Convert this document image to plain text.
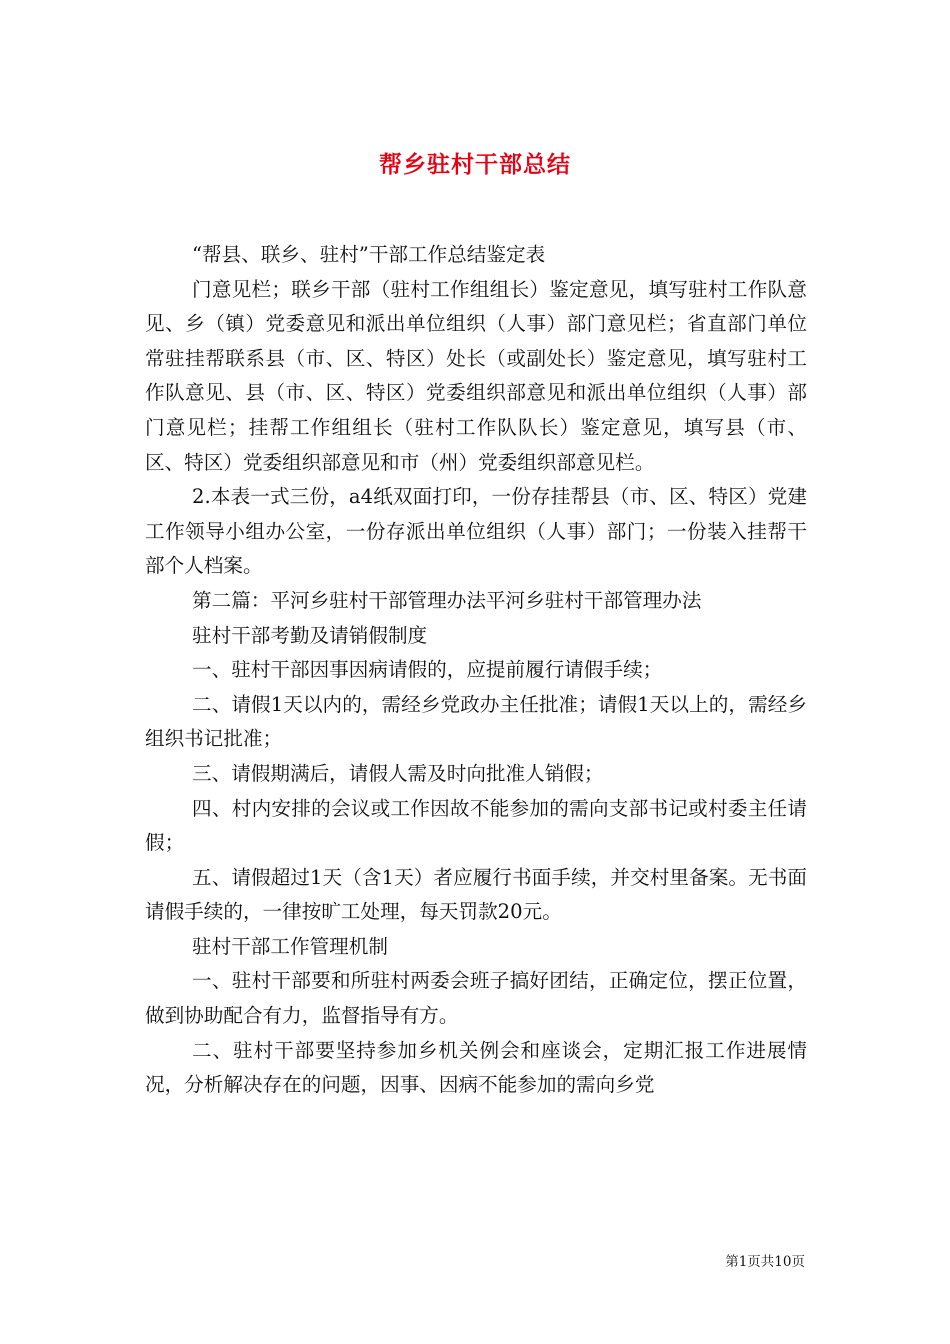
帮乡驻村干部总结

“帮县、联乡、驻村”干部工作总结鉴定表

门意见栏；联乡干部（驻村工作组组长）鉴定意见，填写驻村工作队意见、乡（镇）党委意见和派出单位组织（人事）部门意见栏；省直部门单位常驻挂帮联系县（市、区、特区）处长（或副处长）鉴定意见，填写驻村工作队意见、县（市、区、特区）党委组织部意见和派出单位组织（人事）部门意见栏；挂帮工作组组长（驻村工作队队长）鉴定意见，填写县（市、区、特区）党委组织部意见和市（州）党委组织部意见栏。

2.本表一式三份，a4纸双面打印，一份存挂帮县（市、区、特区）党建工作领导小组办公室，一份存派出单位组织（人事）部门；一份装入挂帮干部个人档案。

第二篇：平河乡驻村干部管理办法平河乡驻村干部管理办法

驻村干部考勤及请销假制度

一、驻村干部因事因病请假的，应提前履行请假手续；

二、请假1天以内的，需经乡党政办主任批准；请假1天以上的，需经乡组织书记批准；

三、请假期满后，请假人需及时向批准人销假；

四、村内安排的会议或工作因故不能参加的需向支部书记或村委主任请假；

五、请假超过1天（含1天）者应履行书面手续，并交村里备案。无书面请假手续的，一律按旷工处理，每天罚款20元。

驻村干部工作管理机制

一、驻村干部要和所驻村两委会班子搞好团结，正确定位，摆正位置，做到协助配合有力，监督指导有方。

二、驻村干部要坚持参加乡机关例会和座谈会，定期汇报工作进展情况，分析解决存在的问题，因事、因病不能参加的需向乡党

第1页共10页
